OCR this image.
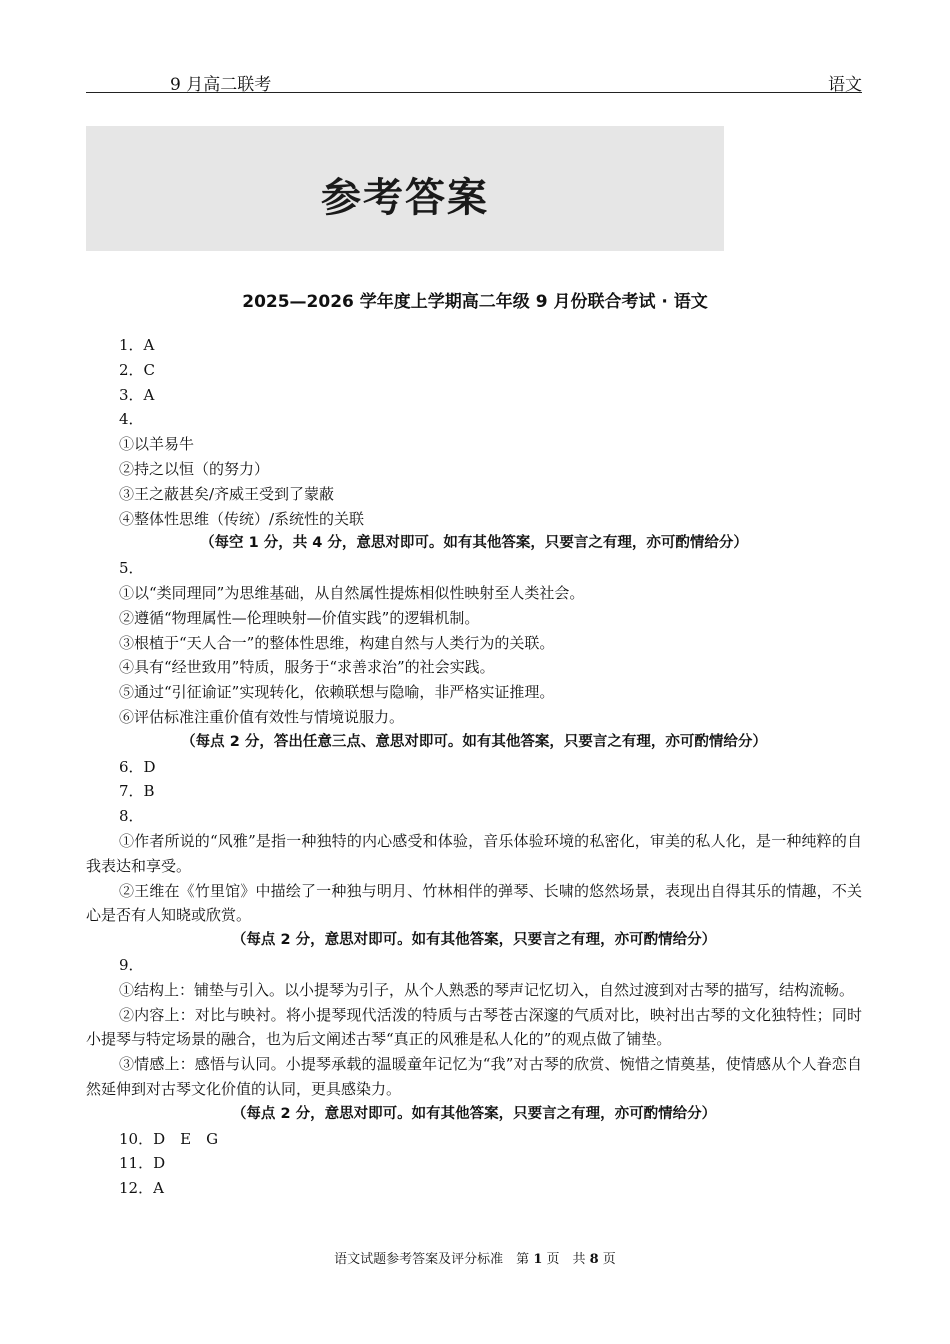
9 月高二联考	语文
参考答案
2025—2026 学年度上学期高二年级 9 月份联合考试 · 语文
1．A
2．C
3．A
4．
①以羊易牛
②持之以恒（的努力）
③王之蔽甚矣/齐威王受到了蒙蔽
④整体性思维（传统）/系统性的关联
（每空 1 分，共 4 分，意思对即可。如有其他答案，只要言之有理，亦可酌情给分）
5．
①以“类同理同”为思维基础，从自然属性提炼相似性映射至人类社会。
②遵循“物理属性—伦理映射—价值实践”的逻辑机制。
③根植于“天人合一”的整体性思维，构建自然与人类行为的关联。
④具有“经世致用”特质，服务于“求善求治”的社会实践。
⑤通过“引征谕证”实现转化，依赖联想与隐喻，非严格实证推理。
⑥评估标准注重价值有效性与情境说服力。
（每点 2 分，答出任意三点、意思对即可。如有其他答案，只要言之有理，亦可酌情给分）
6．D
7．B
8．
①作者所说的“风雅”是指一种独特的内心感受和体验，音乐体验环境的私密化，审美的私人化，是一种纯粹的自我表达和享受。
②王维在《竹里馆》中描绘了一种独与明月、竹林相伴的弹琴、长啸的悠然场景，表现出自得其乐的情趣，不关心是否有人知晓或欣赏。
（每点 2 分，意思对即可。如有其他答案，只要言之有理，亦可酌情给分）
9．
①结构上：铺垫与引入。以小提琴为引子，从个人熟悉的琴声记忆切入，自然过渡到对古琴的描写，结构流畅。
②内容上：对比与映衬。将小提琴现代活泼的特质与古琴苍古深邃的气质对比，映衬出古琴的文化独特性；同时小提琴与特定场景的融合，也为后文阐述古琴“真正的风雅是私人化的”的观点做了铺垫。
③情感上：感悟与认同。小提琴承载的温暖童年记忆为“我”对古琴的欣赏、惋惜之情奠基，使情感从个人眷恋自然延伸到对古琴文化价值的认同，更具感染力。
（每点 2 分，意思对即可。如有其他答案，只要言之有理，亦可酌情给分）
10．D　E　G
11．D
12．A
语文试题参考答案及评分标准　第 1 页　共 8 页
